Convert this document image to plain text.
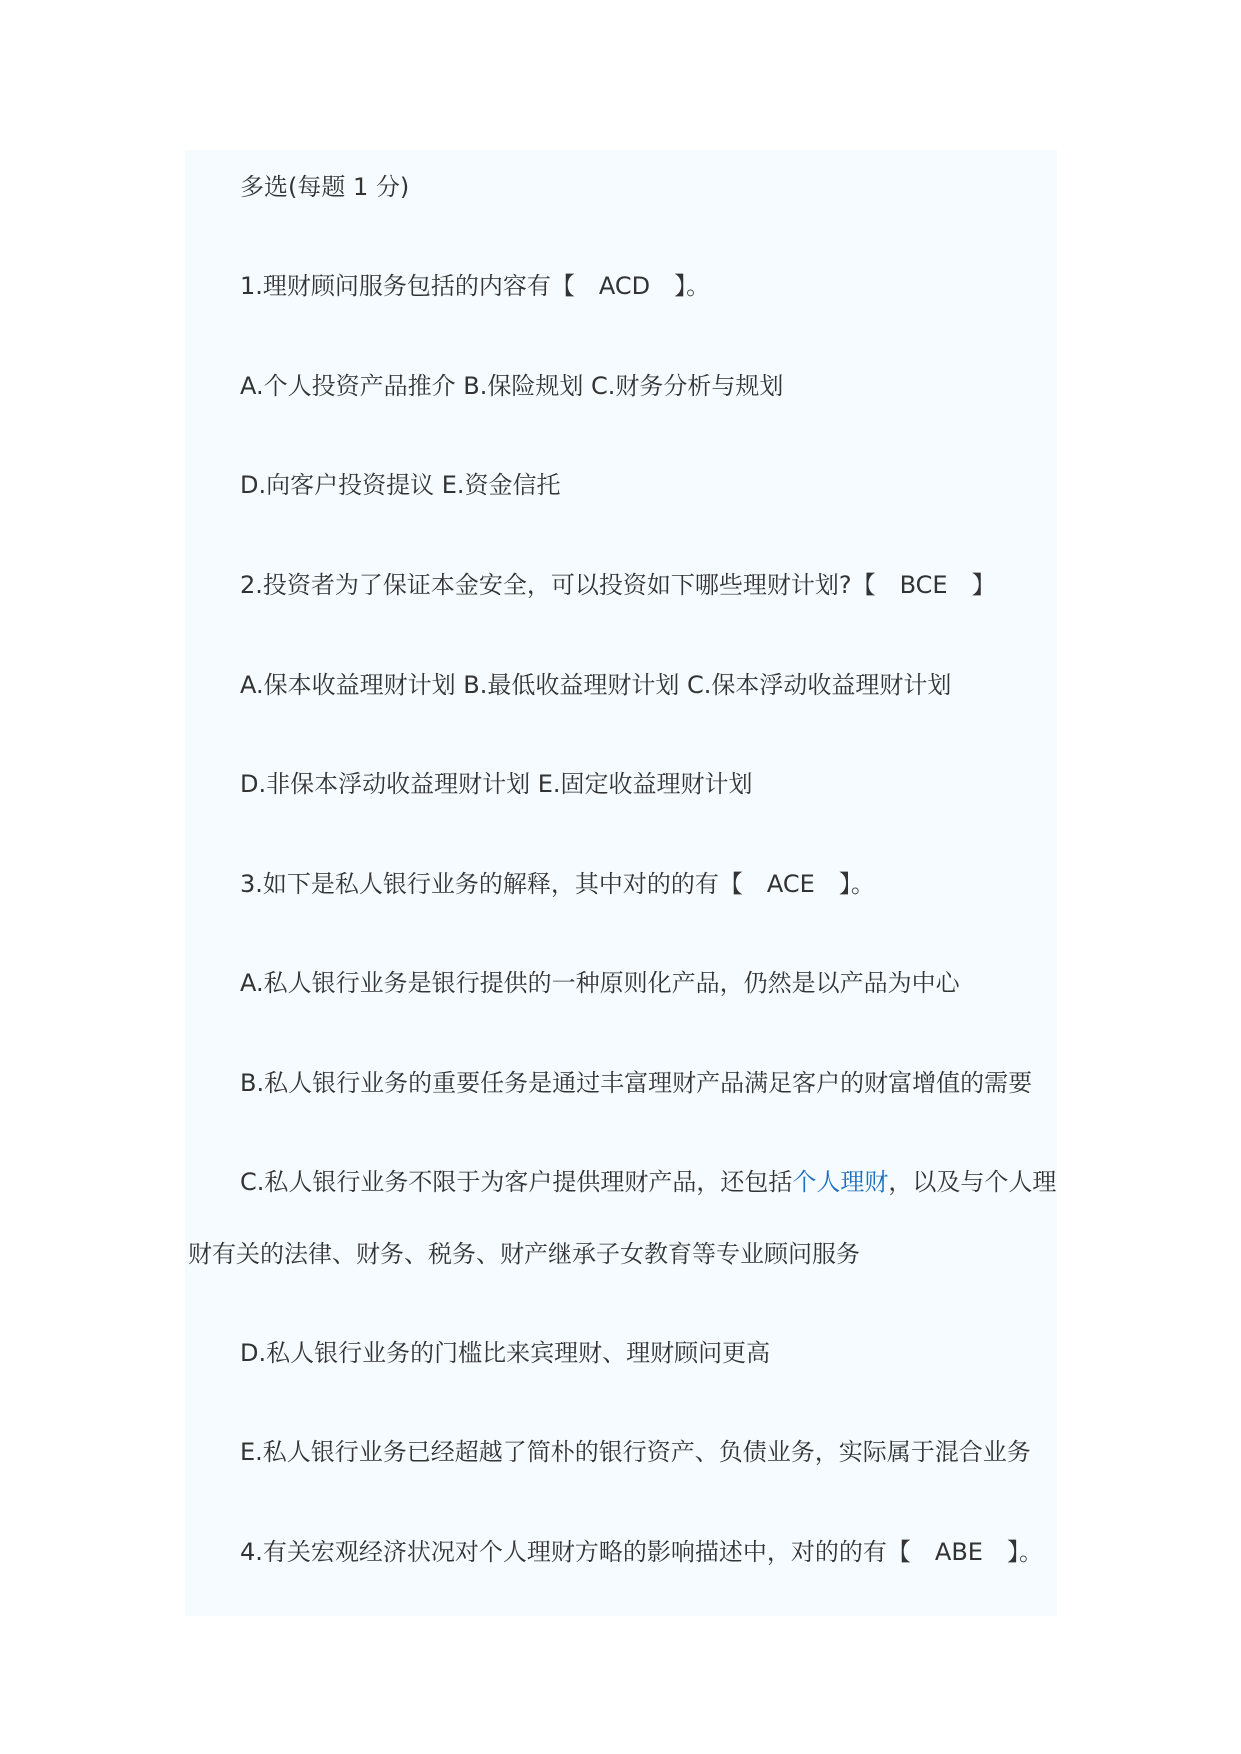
多选(每题 1 分)
1.理财顾问服务包括的内容有【　ACD　】。
A.个人投资产品推介 B.保险规划 C.财务分析与规划
D.向客户投资提议 E.资金信托
2.投资者为了保证本金安全，可以投资如下哪些理财计划?【　BCE　】
A.保本收益理财计划 B.最低收益理财计划 C.保本浮动收益理财计划
D.非保本浮动收益理财计划 E.固定收益理财计划
3.如下是私人银行业务的解释，其中对的的有【　ACE　】。
A.私人银行业务是银行提供的一种原则化产品，仍然是以产品为中心
B.私人银行业务的重要任务是通过丰富理财产品满足客户的财富增值的需要
C.私人银行业务不限于为客户提供理财产品，还包括个人理财，以及与个人理
财有关的法律、财务、税务、财产继承子女教育等专业顾问服务
D.私人银行业务的门槛比来宾理财、理财顾问更高
E.私人银行业务已经超越了简朴的银行资产、负债业务，实际属于混合业务
4.有关宏观经济状况对个人理财方略的影响描述中，对的的有【　ABE　】。
